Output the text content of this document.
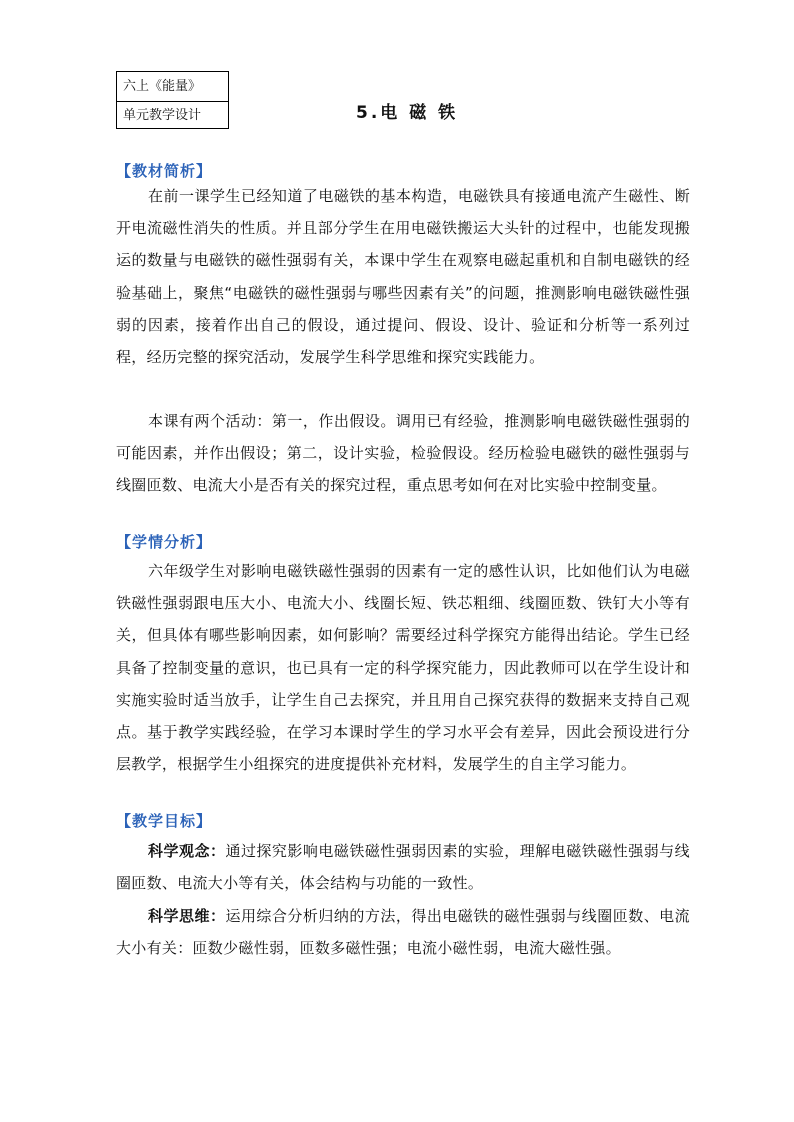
六上《能量》
单元教学设计	5.电 磁 铁
【教材简析】

在前一课学生已经知道了电磁铁的基本构造，电磁铁具有接通电流产生磁性、断开电流磁性消失的性质。并且部分学生在用电磁铁搬运大头针的过程中，也能发现搬运的数量与电磁铁的磁性强弱有关，本课中学生在观察电磁起重机和自制电磁铁的经验基础上，聚焦“电磁铁的磁性强弱与哪些因素有关”的问题，推测影响电磁铁磁性强弱的因素，接着作出自己的假设，通过提问、假设、设计、验证和分析等一系列过程，经历完整的探究活动，发展学生科学思维和探究实践能力。

本课有两个活动：第一，作出假设。调用已有经验，推测影响电磁铁磁性强弱的可能因素，并作出假设；第二，设计实验，检验假设。经历检验电磁铁的磁性强弱与线圈匝数、电流大小是否有关的探究过程，重点思考如何在对比实验中控制变量。

【学情分析】

六年级学生对影响电磁铁磁性强弱的因素有一定的感性认识，比如他们认为电磁铁磁性强弱跟电压大小、电流大小、线圈长短、铁芯粗细、线圈匝数、铁钉大小等有关，但具体有哪些影响因素，如何影响？需要经过科学探究方能得出结论。学生已经具备了控制变量的意识，也已具有一定的科学探究能力，因此教师可以在学生设计和实施实验时适当放手，让学生自己去探究，并且用自己探究获得的数据来支持自己观点。基于教学实践经验，在学习本课时学生的学习水平会有差异，因此会预设进行分层教学，根据学生小组探究的进度提供补充材料，发展学生的自主学习能力。

【教学目标】

科学观念：通过探究影响电磁铁磁性强弱因素的实验，理解电磁铁磁性强弱与线圈匝数、电流大小等有关，体会结构与功能的一致性。

科学思维：运用综合分析归纳的方法，得出电磁铁的磁性强弱与线圈匝数、电流大小有关：匝数少磁性弱，匝数多磁性强；电流小磁性弱，电流大磁性强。
